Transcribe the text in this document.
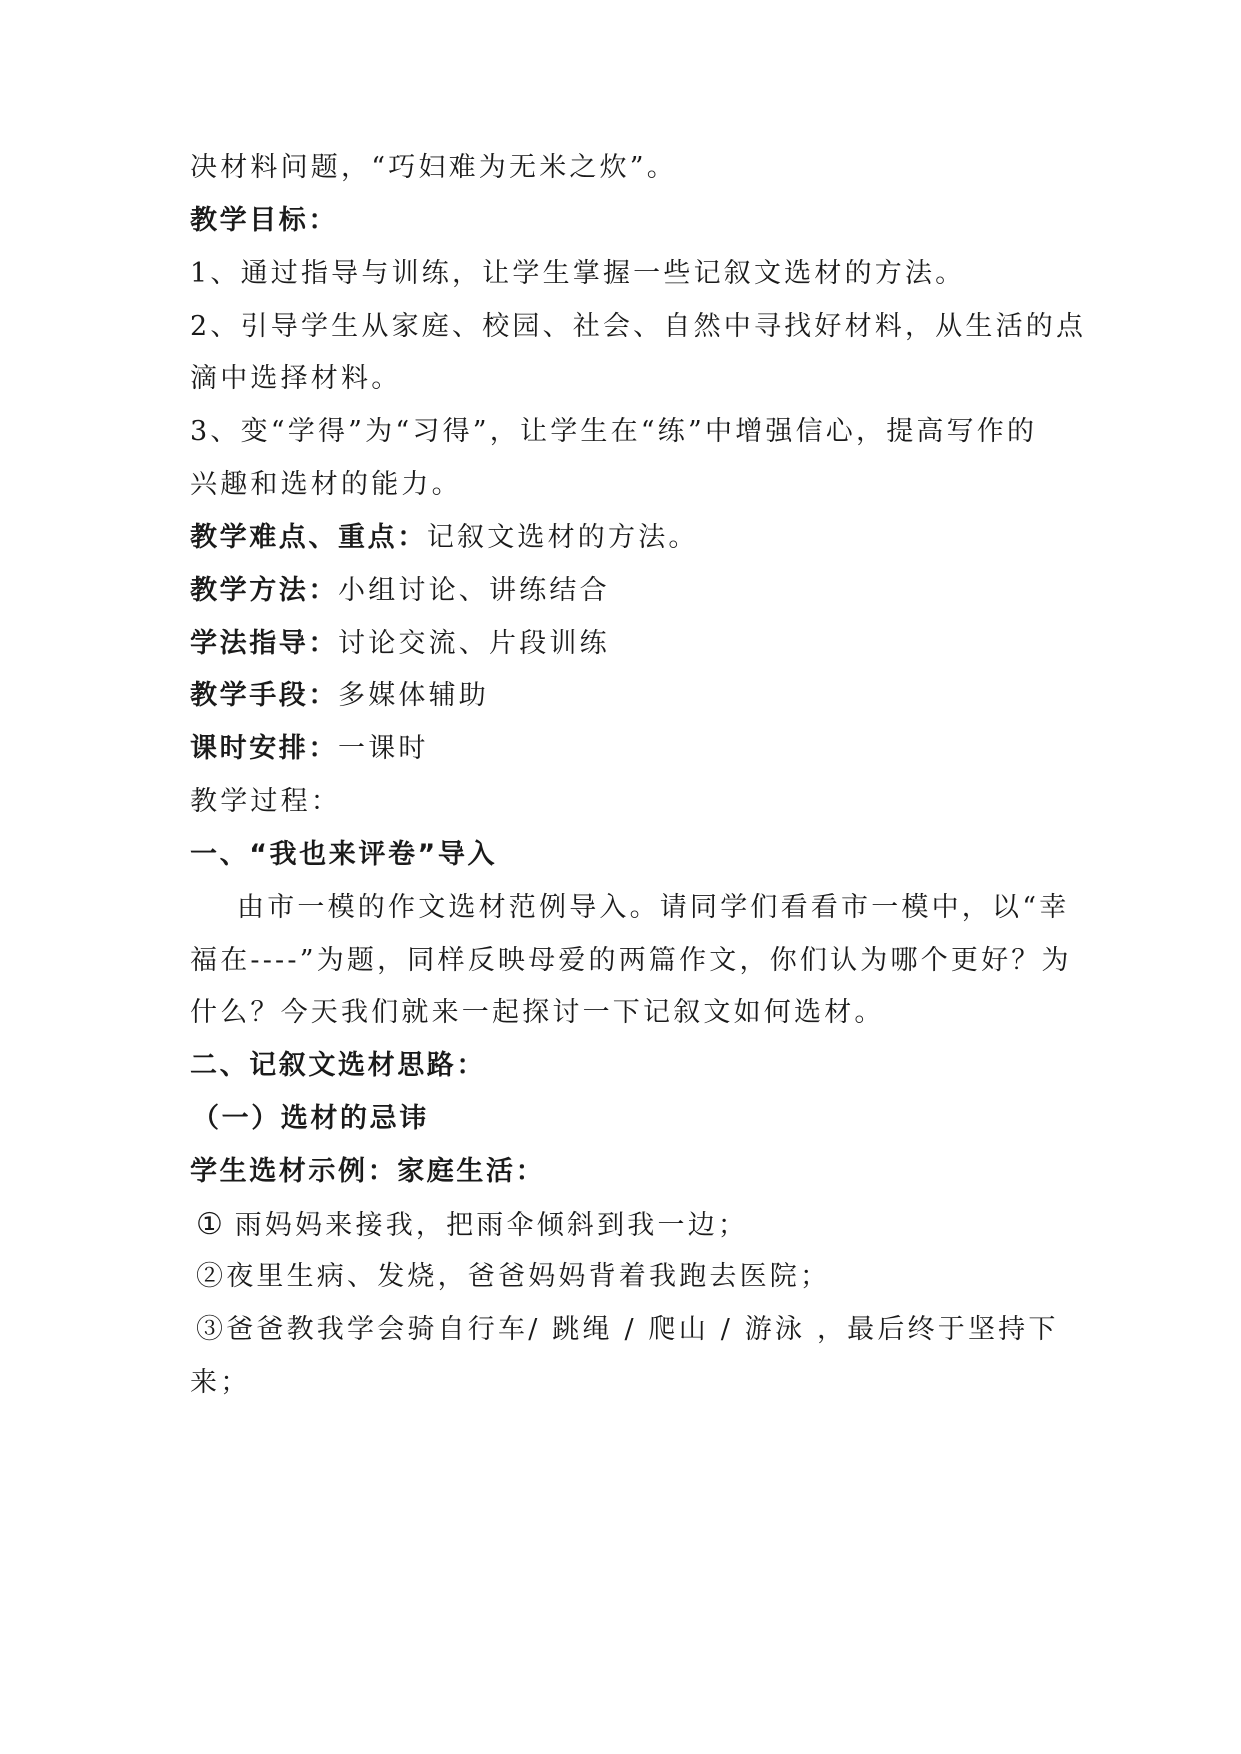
决材料问题，“巧妇难为无米之炊”。
教学目标：
1、通过指导与训练，让学生掌握一些记叙文选材的方法。
2、引导学生从家庭、校园、社会、自然中寻找好材料，从生活的点
滴中选择材料。
3、变“学得”为“习得”，让学生在“练”中增强信心，提高写作的
兴趣和选材的能力。
教学难点、重点：记叙文选材的方法。
教学方法：小组讨论、讲练结合
学法指导：讨论交流、片段训练
教学手段：多媒体辅助
课时安排：一课时
教学过程：
一、“我也来评卷”导入
由市一模的作文选材范例导入。请同学们看看市一模中，以“幸
福在----”为题，同样反映母爱的两篇作文，你们认为哪个更好？为
什么？今天我们就来一起探讨一下记叙文如何选材。
二、记叙文选材思路：
（一）选材的忌讳
学生选材示例：家庭生活：
① 雨妈妈来接我，把雨伞倾斜到我一边；
②夜里生病、发烧，爸爸妈妈背着我跑去医院；
③爸爸教我学会骑自行车/ 跳绳 / 爬山 / 游泳 ，最后终于坚持下
来；
